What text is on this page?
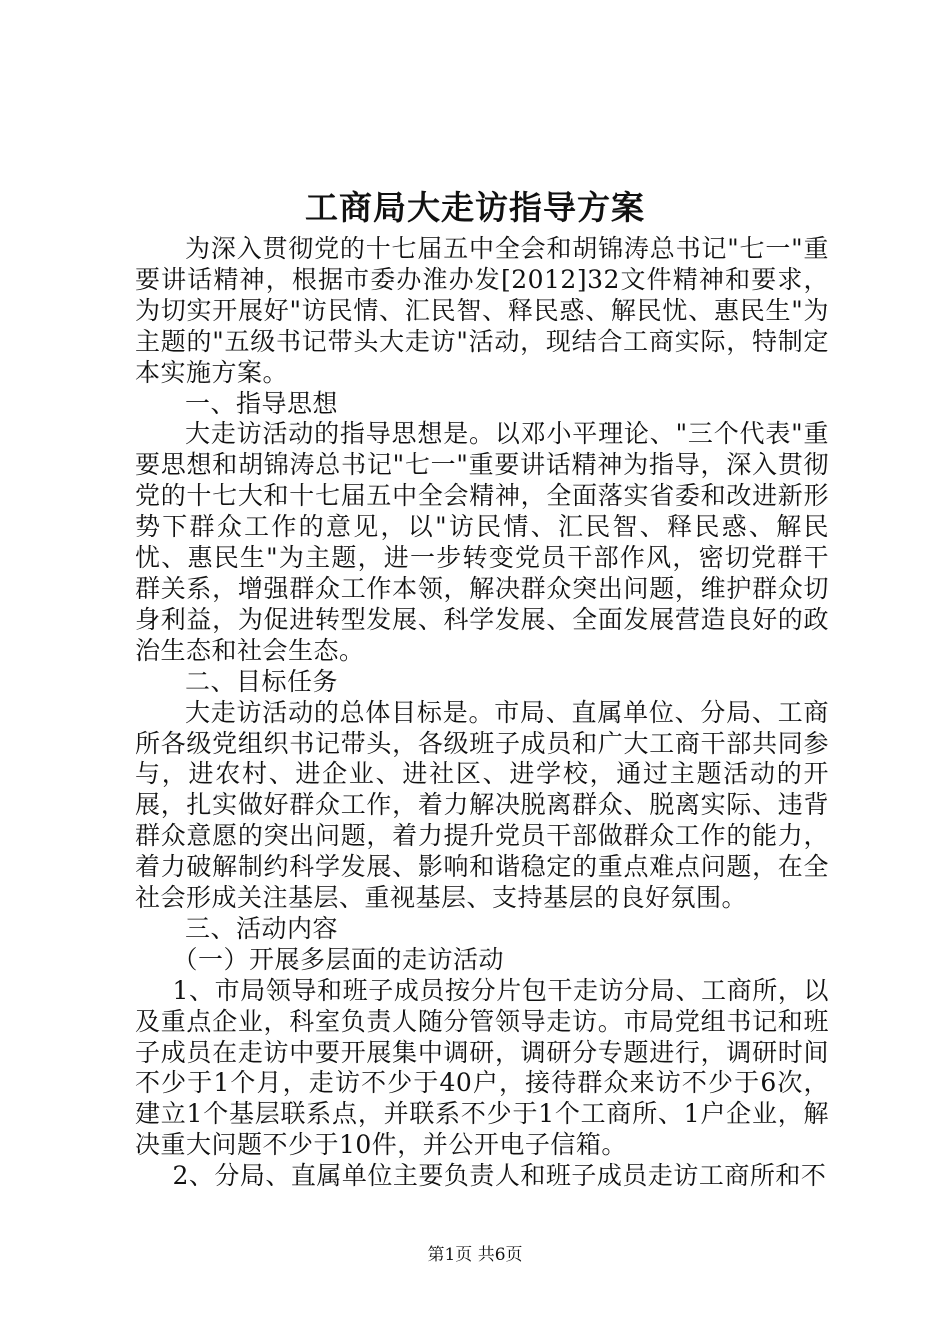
工商局大走访指导方案

为深入贯彻党的十七届五中全会和胡锦涛总书记"七一"重要讲话精神，根据市委办淮办发[2012]32文件精神和要求，为切实开展好"访民情、汇民智、释民惑、解民忧、惠民生"为主题的"五级书记带头大走访"活动，现结合工商实际，特制定本实施方案。

一、指导思想

大走访活动的指导思想是。以邓小平理论、"三个代表"重要思想和胡锦涛总书记"七一"重要讲话精神为指导，深入贯彻党的十七大和十七届五中全会精神，全面落实省委和改进新形势下群众工作的意见，以"访民情、汇民智、释民惑、解民忧、惠民生"为主题，进一步转变党员干部作风，密切党群干群关系，增强群众工作本领，解决群众突出问题，维护群众切身利益，为促进转型发展、科学发展、全面发展营造良好的政治生态和社会生态。

二、目标任务

大走访活动的总体目标是。市局、直属单位、分局、工商所各级党组织书记带头，各级班子成员和广大工商干部共同参与，进农村、进企业、进社区、进学校，通过主题活动的开展，扎实做好群众工作，着力解决脱离群众、脱离实际、违背群众意愿的突出问题，着力提升党员干部做群众工作的能力，着力破解制约科学发展、影响和谐稳定的重点难点问题，在全社会形成关注基层、重视基层、支持基层的良好氛围。

三、活动内容

（一）开展多层面的走访活动

1、市局领导和班子成员按分片包干走访分局、工商所，以及重点企业，科室负责人随分管领导走访。市局党组书记和班子成员在走访中要开展集中调研，调研分专题进行，调研时间不少于1个月，走访不少于40户，接待群众来访不少于6次，建立1个基层联系点，并联系不少于1个工商所、1户企业，解决重大问题不少于10件，并公开电子信箱。

2、分局、直属单位主要负责人和班子成员走访工商所和不

第1页 共6页
